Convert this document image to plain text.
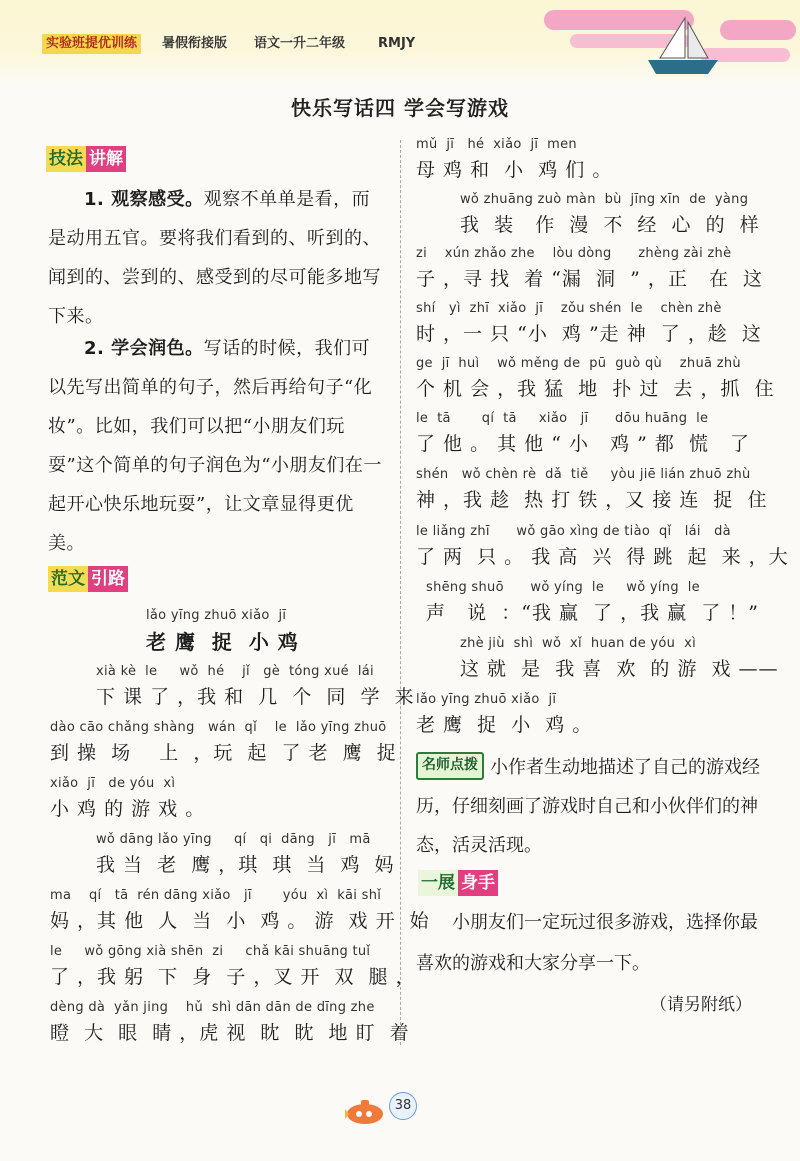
实验班提优训练	暑假衔接版 语文一升二年级	RMJY
快乐写话四 学会写游戏
技法 讲解
1. 观察感受。观察不单单是看，而是动用五官。要将我们看到的、听到的、闻到的、尝到的、感受到的尽可能多地写下来。
2. 学会润色。写话的时候，我们可以先写出简单的句子，然后再给句子“化妆”。比如，我们可以把“小朋友们玩耍”这个简单的句子润色为“小朋友们在一起开心快乐地玩耍”，让文章显得更优美。
范文 引路
lǎo yīng zhuō xiǎo  jī
老 鹰  捉  小 鸡
xià kè  le     wǒ  hé    jǐ   gè  tóng xué  lái
下 课 了 ，我 和  几  个  同  学  来
dào cāo chǎng shàng   wán  qǐ    le  lǎo yīng zhuō
到 操  场    上  ，玩  起  了 老  鹰  捉
xiǎo  jī   de yóu  xì
小 鸡 的 游 戏 。
wǒ dāng lǎo yīng     qí   qi  dāng   jī   mā
我 当  老  鹰 ，琪  琪  当  鸡  妈
ma    qí   tā  rén dāng xiǎo   jī       yóu  xì  kāi shǐ
妈 ，其 他  人  当  小  鸡 。 游  戏 开  始
le     wǒ gōng xià shēn  zi     chǎ kāi shuāng tuǐ
了 ，我 躬  下  身  子 ，叉 开  双  腿 ，
dèng dà  yǎn jing    hǔ  shì dān dān de dīng zhe
瞪  大  眼  睛 ，虎 视  眈  眈  地 盯  着
mǔ  jī   hé  xiǎo  jī  men
母 鸡 和  小  鸡 们 。
wǒ zhuāng zuò màn  bù  jīng xīn  de  yàng
我  装   作  漫  不  经  心  的  样
zi    xún zhǎo zhe    lòu dòng      zhèng zài zhè
子 ，寻 找  着 “漏  洞  ” ，正   在  这
shí   yì  zhī  xiǎo  jī    zǒu shén  le    chèn zhè
时 ，一 只 “小  鸡 ”走 神  了 ，趁  这
ge  jī  huì    wǒ měng de  pū  guò qù    zhuā zhù
个 机 会 ，我 猛  地  扑 过  去 ，抓  住
le  tā       qí  tā     xiǎo   jī      dōu huāng  le
了 他 。 其 他 “ 小   鸡 ” 都  慌   了
shén   wǒ chèn rè  dǎ  tiě     yòu jiē lián zhuō zhù
神 ，我 趁  热 打 铁 ，又 接 连  捉  住
le liǎng zhī      wǒ gāo xìng de tiào  qǐ   lái   dà
了 两  只 。 我 高  兴  得 跳  起  来 ，大
shēng shuō      wǒ yíng  le     wǒ yíng  le
声   说  ：“我 赢  了 ，我 赢  了 ！”
zhè jiù  shì  wǒ  xǐ  huan de yóu  xì
这 就  是  我 喜  欢  的 游  戏 ——
lǎo yīng zhuō xiǎo  jī
老 鹰  捉  小  鸡 。
名师点拨 小作者生动地描述了自己的游戏经历，仔细刻画了游戏时自己和小伙伴们的神态，活灵活现。
一展 身手
小朋友们一定玩过很多游戏，选择你最喜欢的游戏和大家分享一下。
（请另附纸）
38
